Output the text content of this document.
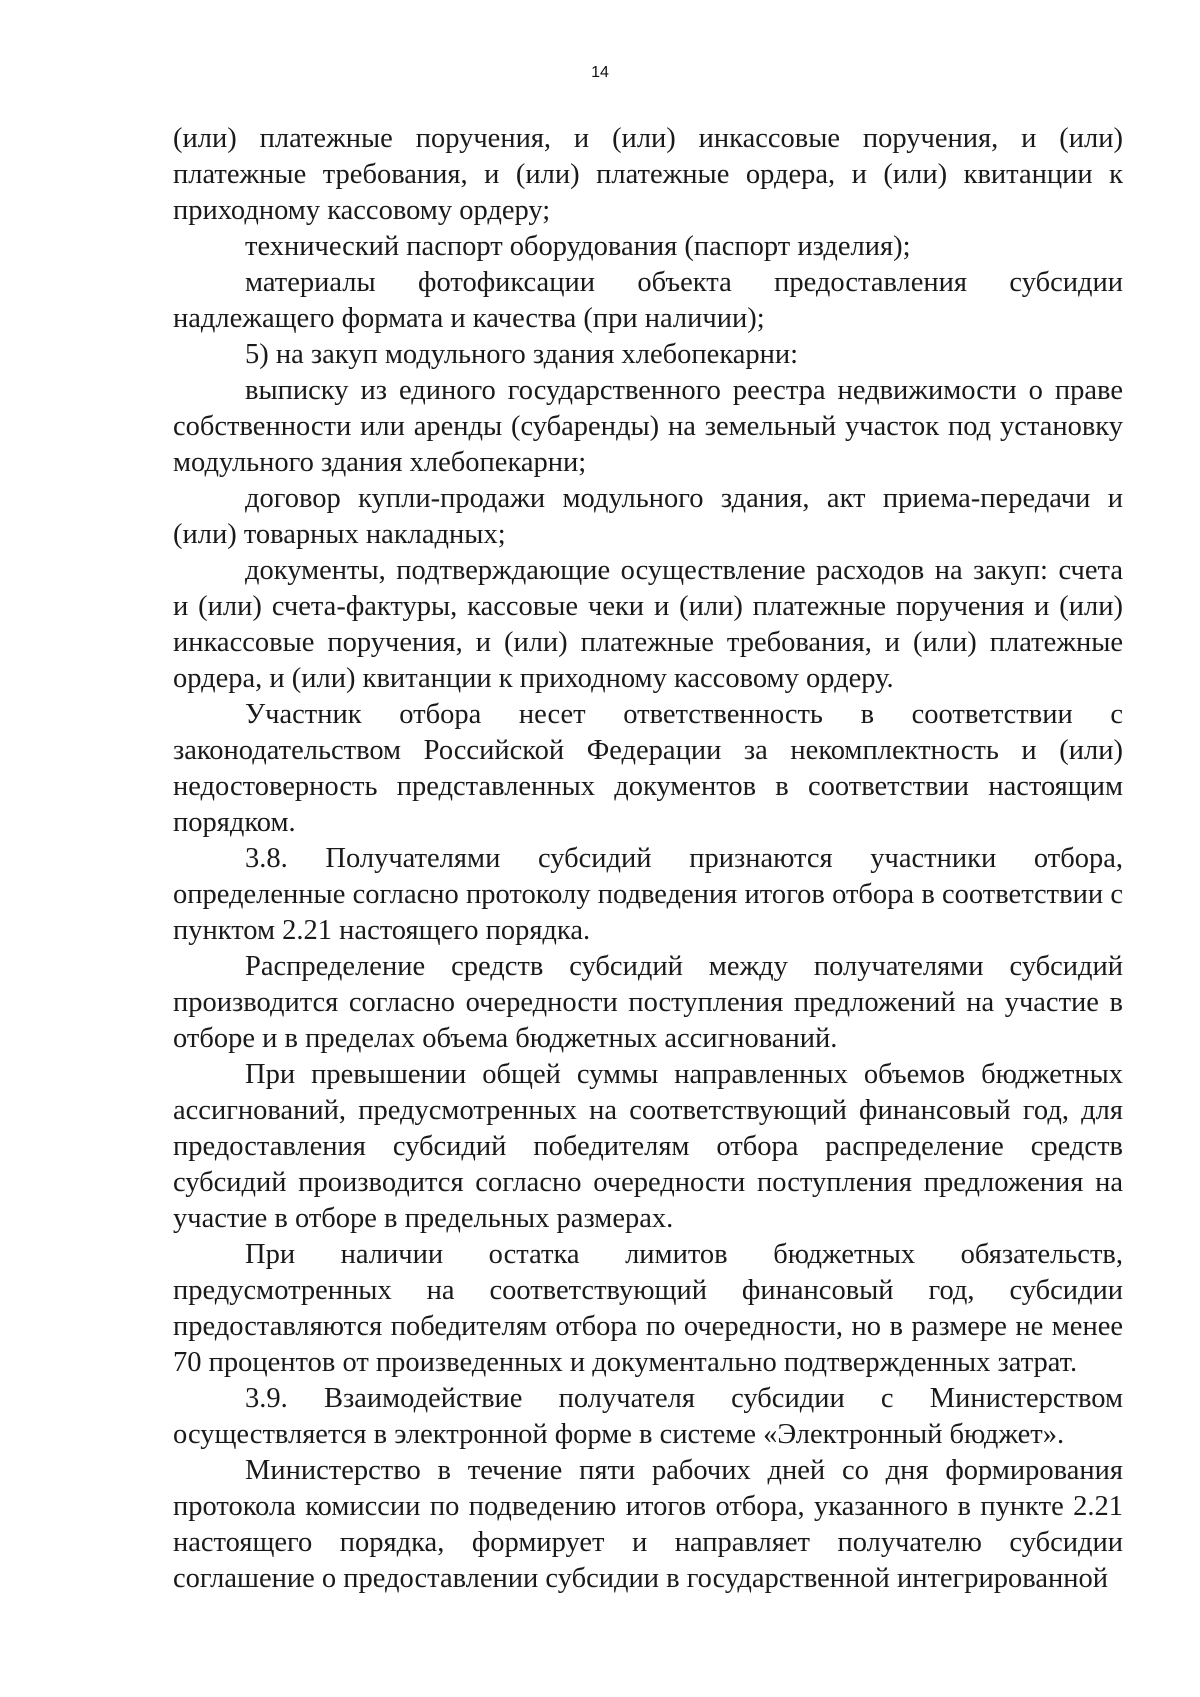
14

(или) платежные поручения, и (или) инкассовые поручения, и (или) платежные требования, и (или) платежные ордера, и (или) квитанции к приходному кассовому ордеру;

технический паспорт оборудования (паспорт изделия);

материалы фотофиксации объекта предоставления субсидии надлежащего формата и качества (при наличии);

5) на закуп модульного здания хлебопекарни:

выписку из единого государственного реестра недвижимости о праве собственности или аренды (субаренды) на земельный участок под установку модульного здания хлебопекарни;

договор купли-продажи модульного здания, акт приема-передачи и (или) товарных накладных;

документы, подтверждающие осуществление расходов на закуп: счета и (или) счета-фактуры, кассовые чеки и (или) платежные поручения и (или) инкассовые поручения, и (или) платежные требования, и (или) платежные ордера, и (или) квитанции к приходному кассовому ордеру.

Участник отбора несет ответственность в соответствии с законодательством Российской Федерации за некомплектность и (или) недостоверность представленных документов в соответствии настоящим порядком.

3.8. Получателями субсидий признаются участники отбора, определенные согласно протоколу подведения итогов отбора в соответствии с пунктом 2.21 настоящего порядка.

Распределение средств субсидий между получателями субсидий производится согласно очередности поступления предложений на участие в отборе и в пределах объема бюджетных ассигнований.

При превышении общей суммы направленных объемов бюджетных ассигнований, предусмотренных на соответствующий финансовый год, для предоставления субсидий победителям отбора распределение средств субсидий производится согласно очередности поступления предложения на участие в отборе в предельных размерах.

При наличии остатка лимитов бюджетных обязательств, предусмотренных на соответствующий финансовый год, субсидии предоставляются победителям отбора по очередности, но в размере не менее 70 процентов от произведенных и документально подтвержденных затрат.

3.9. Взаимодействие получателя субсидии с Министерством осуществляется в электронной форме в системе «Электронный бюджет».

Министерство в течение пяти рабочих дней со дня формирования протокола комиссии по подведению итогов отбора, указанного в пункте 2.21 настоящего порядка, формирует и направляет получателю субсидии соглашение о предоставлении субсидии в государственной интегрированной
